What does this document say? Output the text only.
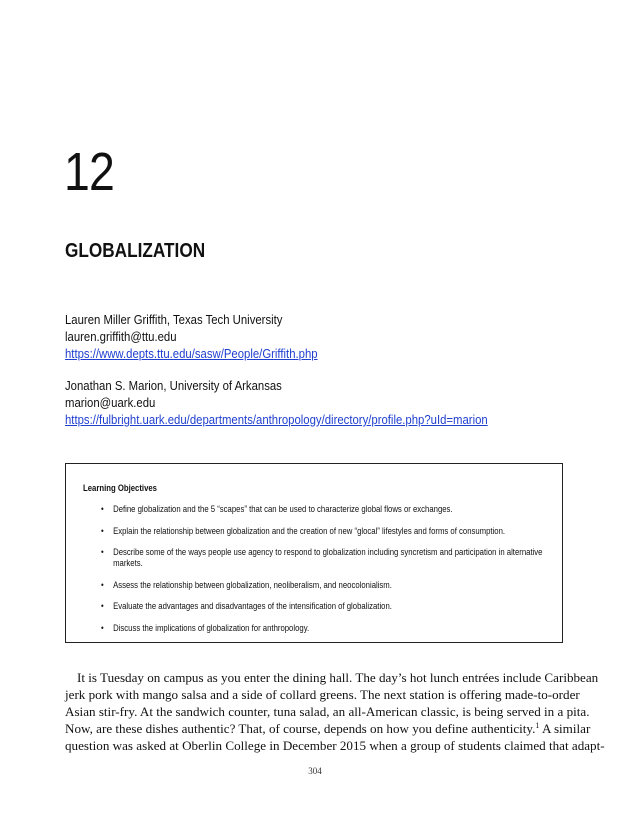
12
GLOBALIZATION
Lauren Miller Griffith, Texas Tech University
lauren.griffith@ttu.edu
https://www.depts.ttu.edu/sasw/People/Griffith.php
Jonathan S. Marion, University of Arkansas
marion@uark.edu
https://fulbright.uark.edu/departments/anthropology/directory/profile.php?uId=marion
Learning Objectives
• Define globalization and the 5 “scapes” that can be used to characterize global flows or exchanges.
• Explain the relationship between globalization and the creation of new “glocal” lifestyles and forms of consumption.
• Describe some of the ways people use agency to respond to globalization including syncretism and participation in alternative markets.
• Assess the relationship between globalization, neoliberalism, and neocolonialism.
• Evaluate the advantages and disadvantages of the intensification of globalization.
• Discuss the implications of globalization for anthropology.
It is Tuesday on campus as you enter the dining hall. The day’s hot lunch entrées include Caribbean
jerk pork with mango salsa and a side of collard greens. The next station is offering made-to-order
Asian stir-fry. At the sandwich counter, tuna salad, an all-American classic, is being served in a pita.
Now, are these dishes authentic? That, of course, depends on how you define authenticity.$^1$ A similar
question was asked at Oberlin College in December 2015 when a group of students claimed that adapt-
304
